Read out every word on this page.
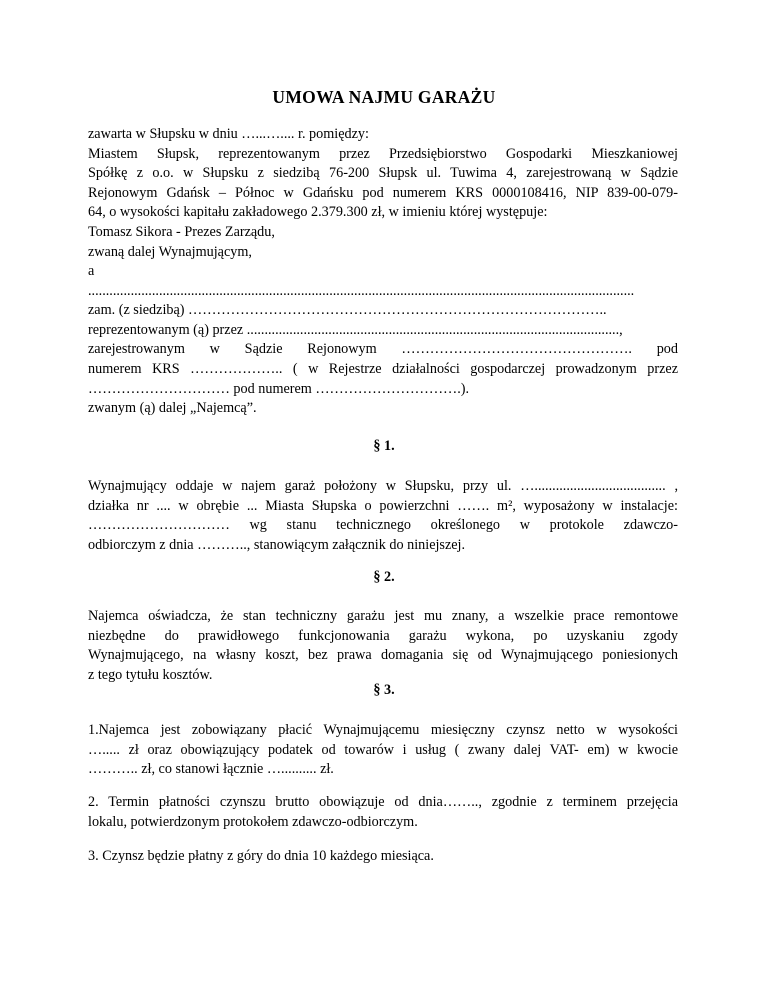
UMOWA NAJMU GARAŻU
zawarta w Słupsku w dniu …...….... r. pomiędzy:
Miastem Słupsk, reprezentowanym przez Przedsiębiorstwo Gospodarki Mieszkaniowej
Spółkę z o.o. w Słupsku z siedzibą 76-200 Słupsk ul. Tuwima 4, zarejestrowaną w Sądzie
Rejonowym Gdańsk – Północ w Gdańsku pod numerem KRS 0000108416, NIP 839-00-079-
64, o wysokości kapitału zakładowego 2.379.300 zł, w imieniu której występuje:
Tomasz Sikora - Prezes Zarządu,
zwaną dalej Wynajmującym,
a
..........................................................................................................................................................
zam. (z siedzibą) ……………………………………………………………………………..
reprezentowanym (ą) przez .........................................................................................................,
zarejestrowanym w Sądzie Rejonowym …………………………………………. pod
numerem KRS ……………….. ( w Rejestrze działalności gospodarczej prowadzonym przez
………………………… pod numerem ………………………….).
zwanym (ą) dalej „Najemcą”.
§ 1.
Wynajmujący oddaje w najem garaż położony w Słupsku, przy ul. …..................................... ,
działka nr .... w obrębie ... Miasta Słupska o powierzchni ……. m², wyposażony w instalacje:
………………………… wg stanu technicznego określonego w protokole zdawczo-
odbiorczym z dnia ……….., stanowiącym załącznik do niniejszej.
§ 2.
Najemca oświadcza, że stan techniczny garażu jest mu znany, a wszelkie prace remontowe
niezbędne do prawidłowego funkcjonowania garażu wykona, po uzyskaniu zgody
Wynajmującego, na własny koszt, bez prawa domagania się od Wynajmującego poniesionych
z tego tytułu kosztów.
§ 3.
1.Najemca jest zobowiązany płacić Wynajmującemu miesięczny czynsz netto w wysokości
…..... zł oraz obowiązujący podatek od towarów i usług ( zwany dalej VAT- em) w kwocie
……….. zł, co stanowi łącznie ….......... zł.
2. Termin płatności czynszu brutto obowiązuje od dnia…….., zgodnie z terminem przejęcia
lokalu, potwierdzonym protokołem zdawczo-odbiorczym.
3. Czynsz będzie płatny z góry do dnia 10 każdego miesiąca.
